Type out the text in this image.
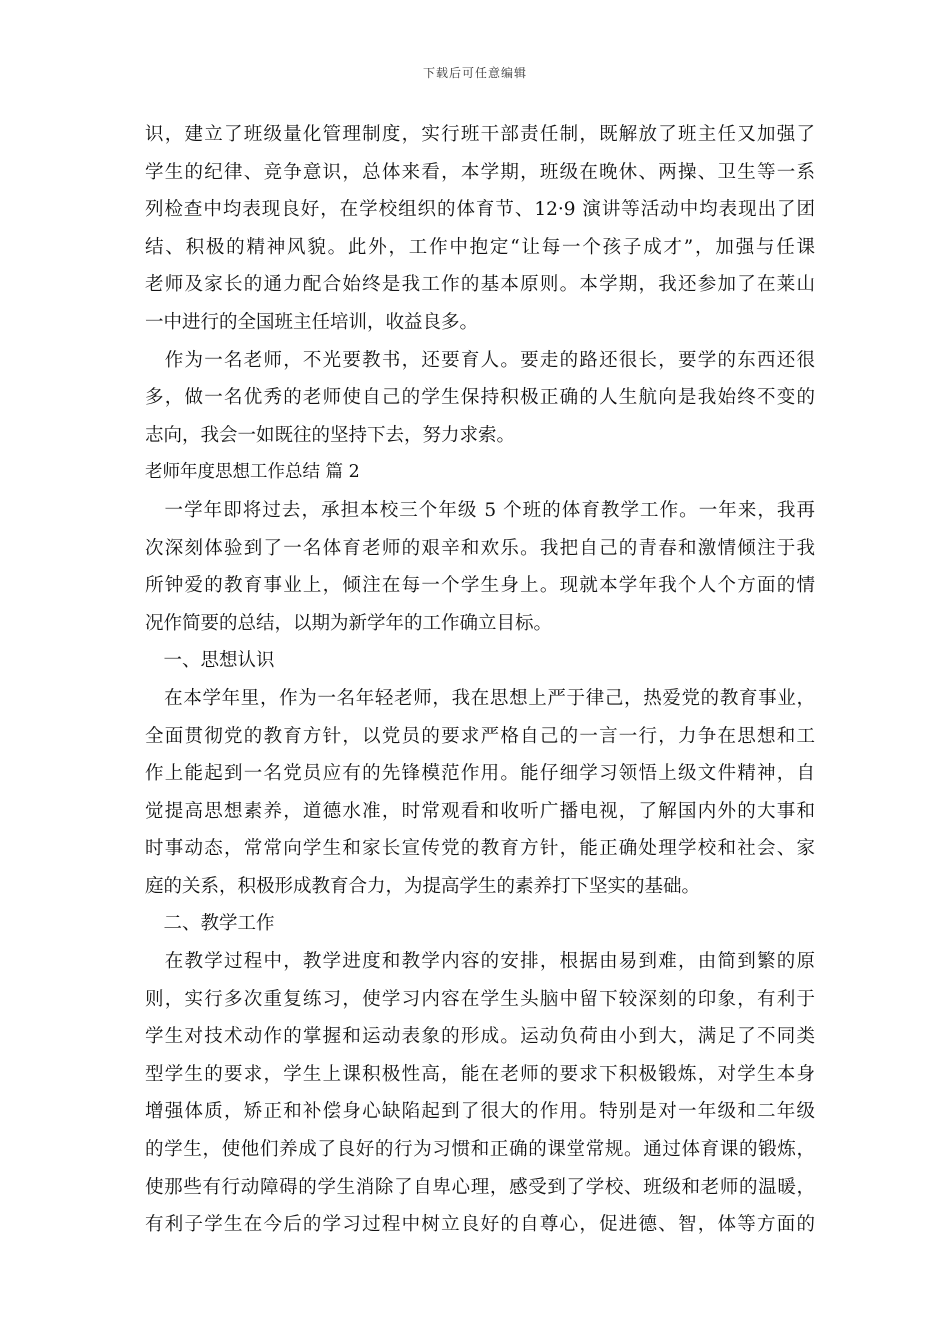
下载后可任意编辑
识，建立了班级量化管理制度，实行班干部责任制，既解放了班主任又加强了
学生的纪律、竞争意识，总体来看，本学期，班级在晚休、两操、卫生等一系
列检查中均表现良好，在学校组织的体育节、12·9 演讲等活动中均表现出了团
结、积极的精神风貌。此外，工作中抱定“让每一个孩子成才”，加强与任课
老师及家长的通力配合始终是我工作的基本原则。本学期，我还参加了在莱山
一中进行的全国班主任培训，收益良多。
　作为一名老师，不光要教书，还要育人。要走的路还很长，要学的东西还很
多，做一名优秀的老师使自己的学生保持积极正确的人生航向是我始终不变的
志向，我会一如既往的坚持下去，努力求索。
老师年度思想工作总结 篇 2
　一学年即将过去，承担本校三个年级 5 个班的体育教学工作。一年来，我再
次深刻体验到了一名体育老师的艰辛和欢乐。我把自己的青春和激情倾注于我
所钟爱的教育事业上，倾注在每一个学生身上。现就本学年我个人个方面的情
况作简要的总结，以期为新学年的工作确立目标。
　一、思想认识
　在本学年里，作为一名年轻老师，我在思想上严于律己，热爱党的教育事业，
全面贯彻党的教育方针，以党员的要求严格自己的一言一行，力争在思想和工
作上能起到一名党员应有的先锋模范作用。能仔细学习领悟上级文件精神，自
觉提高思想素养，道德水准，时常观看和收听广播电视，了解国内外的大事和
时事动态，常常向学生和家长宣传党的教育方针，能正确处理学校和社会、家
庭的关系，积极形成教育合力，为提高学生的素养打下坚实的基础。
　二、教学工作
　在教学过程中，教学进度和教学内容的安排，根据由易到难，由简到繁的原
则，实行多次重复练习，使学习内容在学生头脑中留下较深刻的印象，有利于
学生对技术动作的掌握和运动表象的形成。运动负荷由小到大，满足了不同类
型学生的要求，学生上课积极性高，能在老师的要求下积极锻炼，对学生本身
增强体质，矫正和补偿身心缺陷起到了很大的作用。特别是对一年级和二年级
的学生，使他们养成了良好的行为习惯和正确的课堂常规。通过体育课的锻炼，
使那些有行动障碍的学生消除了自卑心理，感受到了学校、班级和老师的温暖，
有利子学生在今后的学习过程中树立良好的自尊心，促进德、智，体等方面的
